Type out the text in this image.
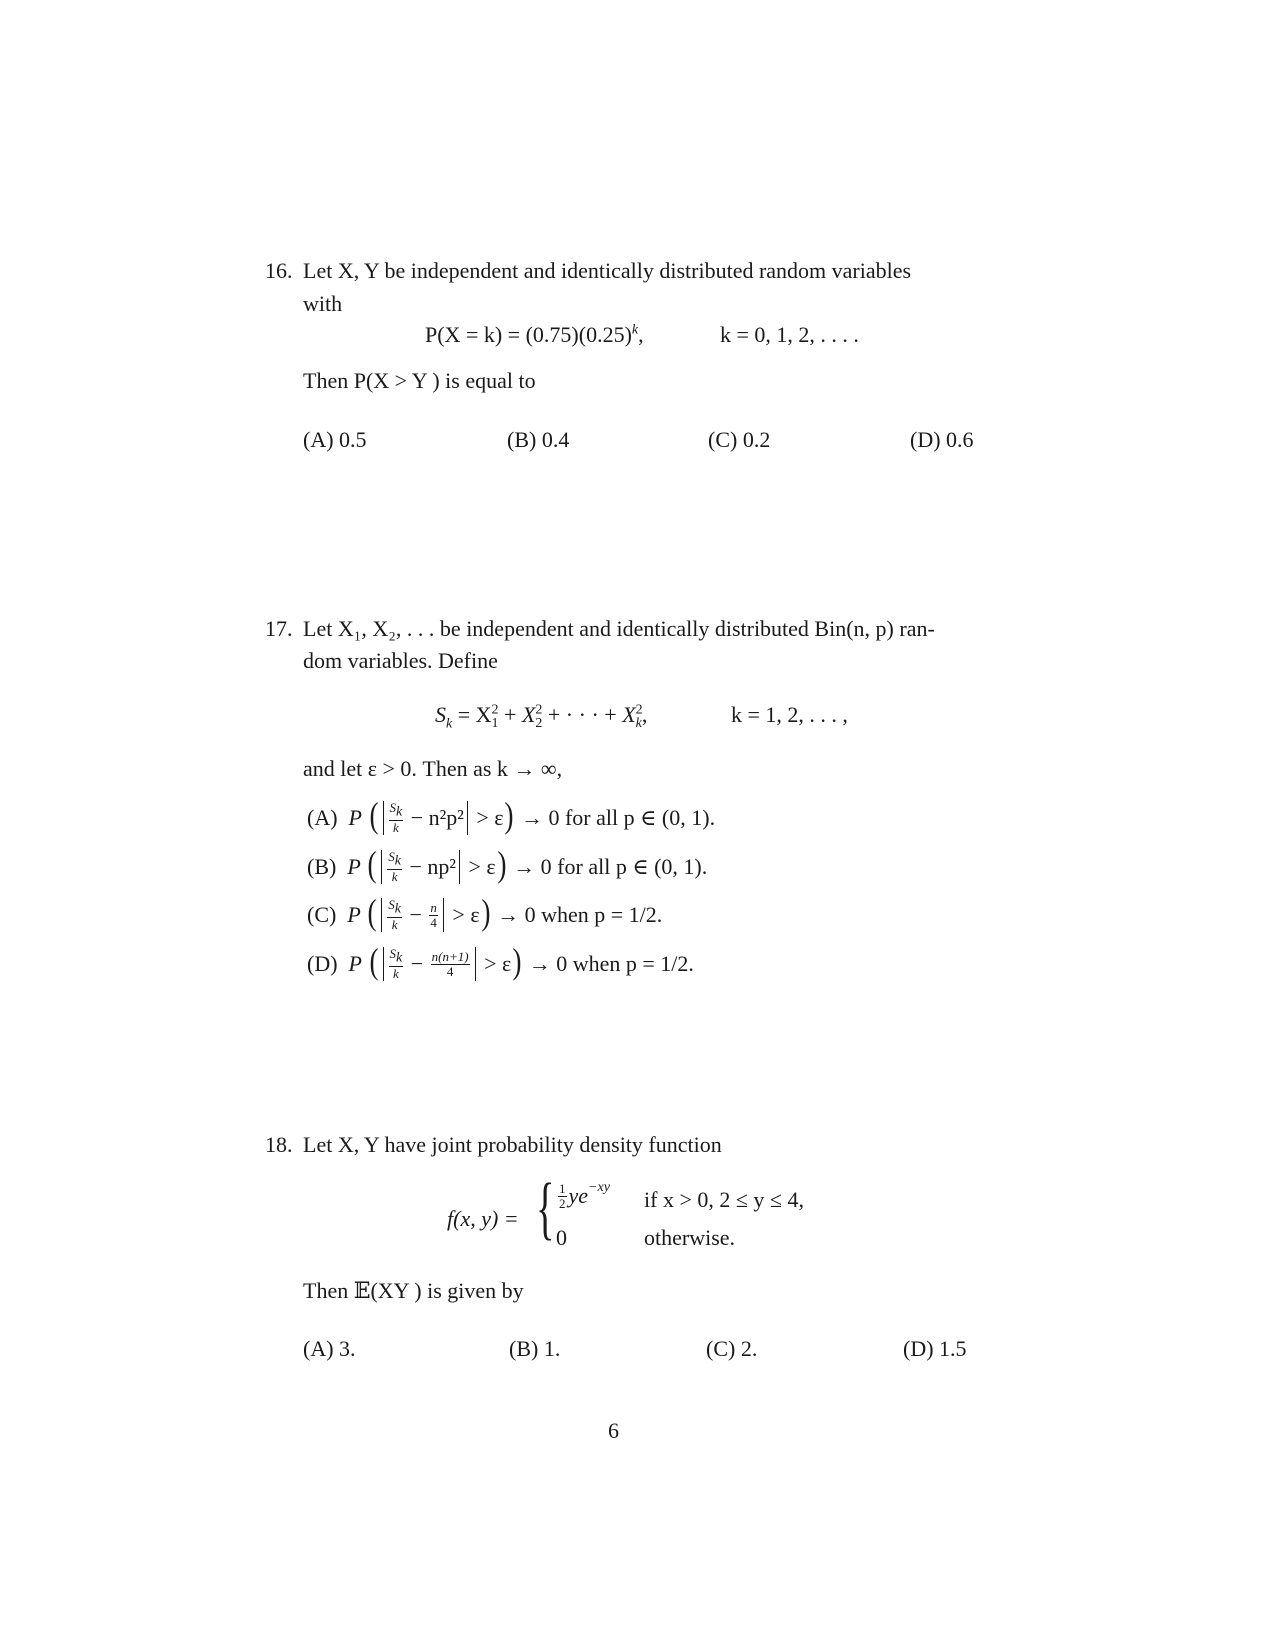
16. Let X, Y be independent and identically distributed random variables
with
$P(X = k) = (0.75)(0.25)^k$,	k = 0, 1, 2, . . . .
Then P(X > Y ) is equal to
(A) 0.5	(B) 0.4	(C) 0.2	(D) 0.6
17. Let X₁, X₂, . . . be independent and identically distributed Bin(n, p) ran-
dom variables. Define
$S_k = X^2_1 + X^2_2$ + · · · + $X^2_k$,	k = 1, 2, . . . ,
and let ε > 0. Then as k → ∞,
(A)
P
( $\frac{S_k}{k}$
− n²p²
> ε )
→ 0 for all p ∈ (0, 1).
(B)
P
( $\frac{S_k}{k}$
− np²
> ε )
→ 0 for all p ∈ (0, 1).
(C)
P
( $\frac{S_k}{k} - \frac{n}{4}$
> ε )
→ 0 when p = 1/2.
(D)
P
( $\frac{S_k}{k} - \frac{n(n+1)}{4}$
> ε )
→ 0 when p = 1/2.
18. Let X, Y have joint probability density function
f(x, y) = { $\frac{1}{2} ye^{-xy}$ if x > 0, 2 ≤ y ≤ 4,
0	otherwise.
Then 𝔼(XY ) is given by
(A) 3.	(B) 1.	(C) 2.	(D) 1.5
6
